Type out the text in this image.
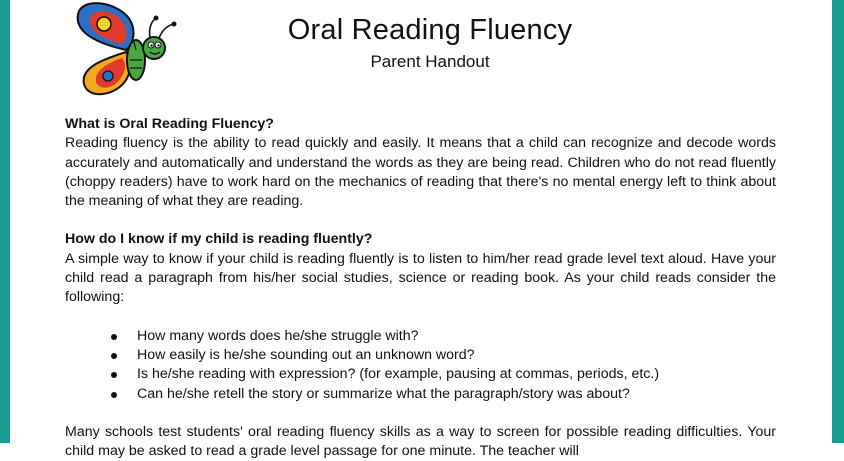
Oral Reading Fluency
Parent Handout

What is Oral Reading Fluency?

Reading fluency is the ability to read quickly and easily. It means that a child can recognize and decode words accurately and automatically and understand the words as they are being read. Children who do not read fluently (choppy readers) have to work hard on the mechanics of reading that there's no mental energy left to think about the meaning of what they are reading.

How do I know if my child is reading fluently?

A simple way to know if your child is reading fluently is to listen to him/her read grade level text aloud. Have your child read a paragraph from his/her social studies, science or reading book. As your child reads consider the following:

How many words does he/she struggle with?
How easily is he/she sounding out an unknown word?
Is he/she reading with expression? (for example, pausing at commas, periods, etc.)
Can he/she retell the story or summarize what the paragraph/story was about?

Many schools test students' oral reading fluency skills as a way to screen for possible reading difficulties. Your child may be asked to read a grade level passage for one minute. The teacher will
